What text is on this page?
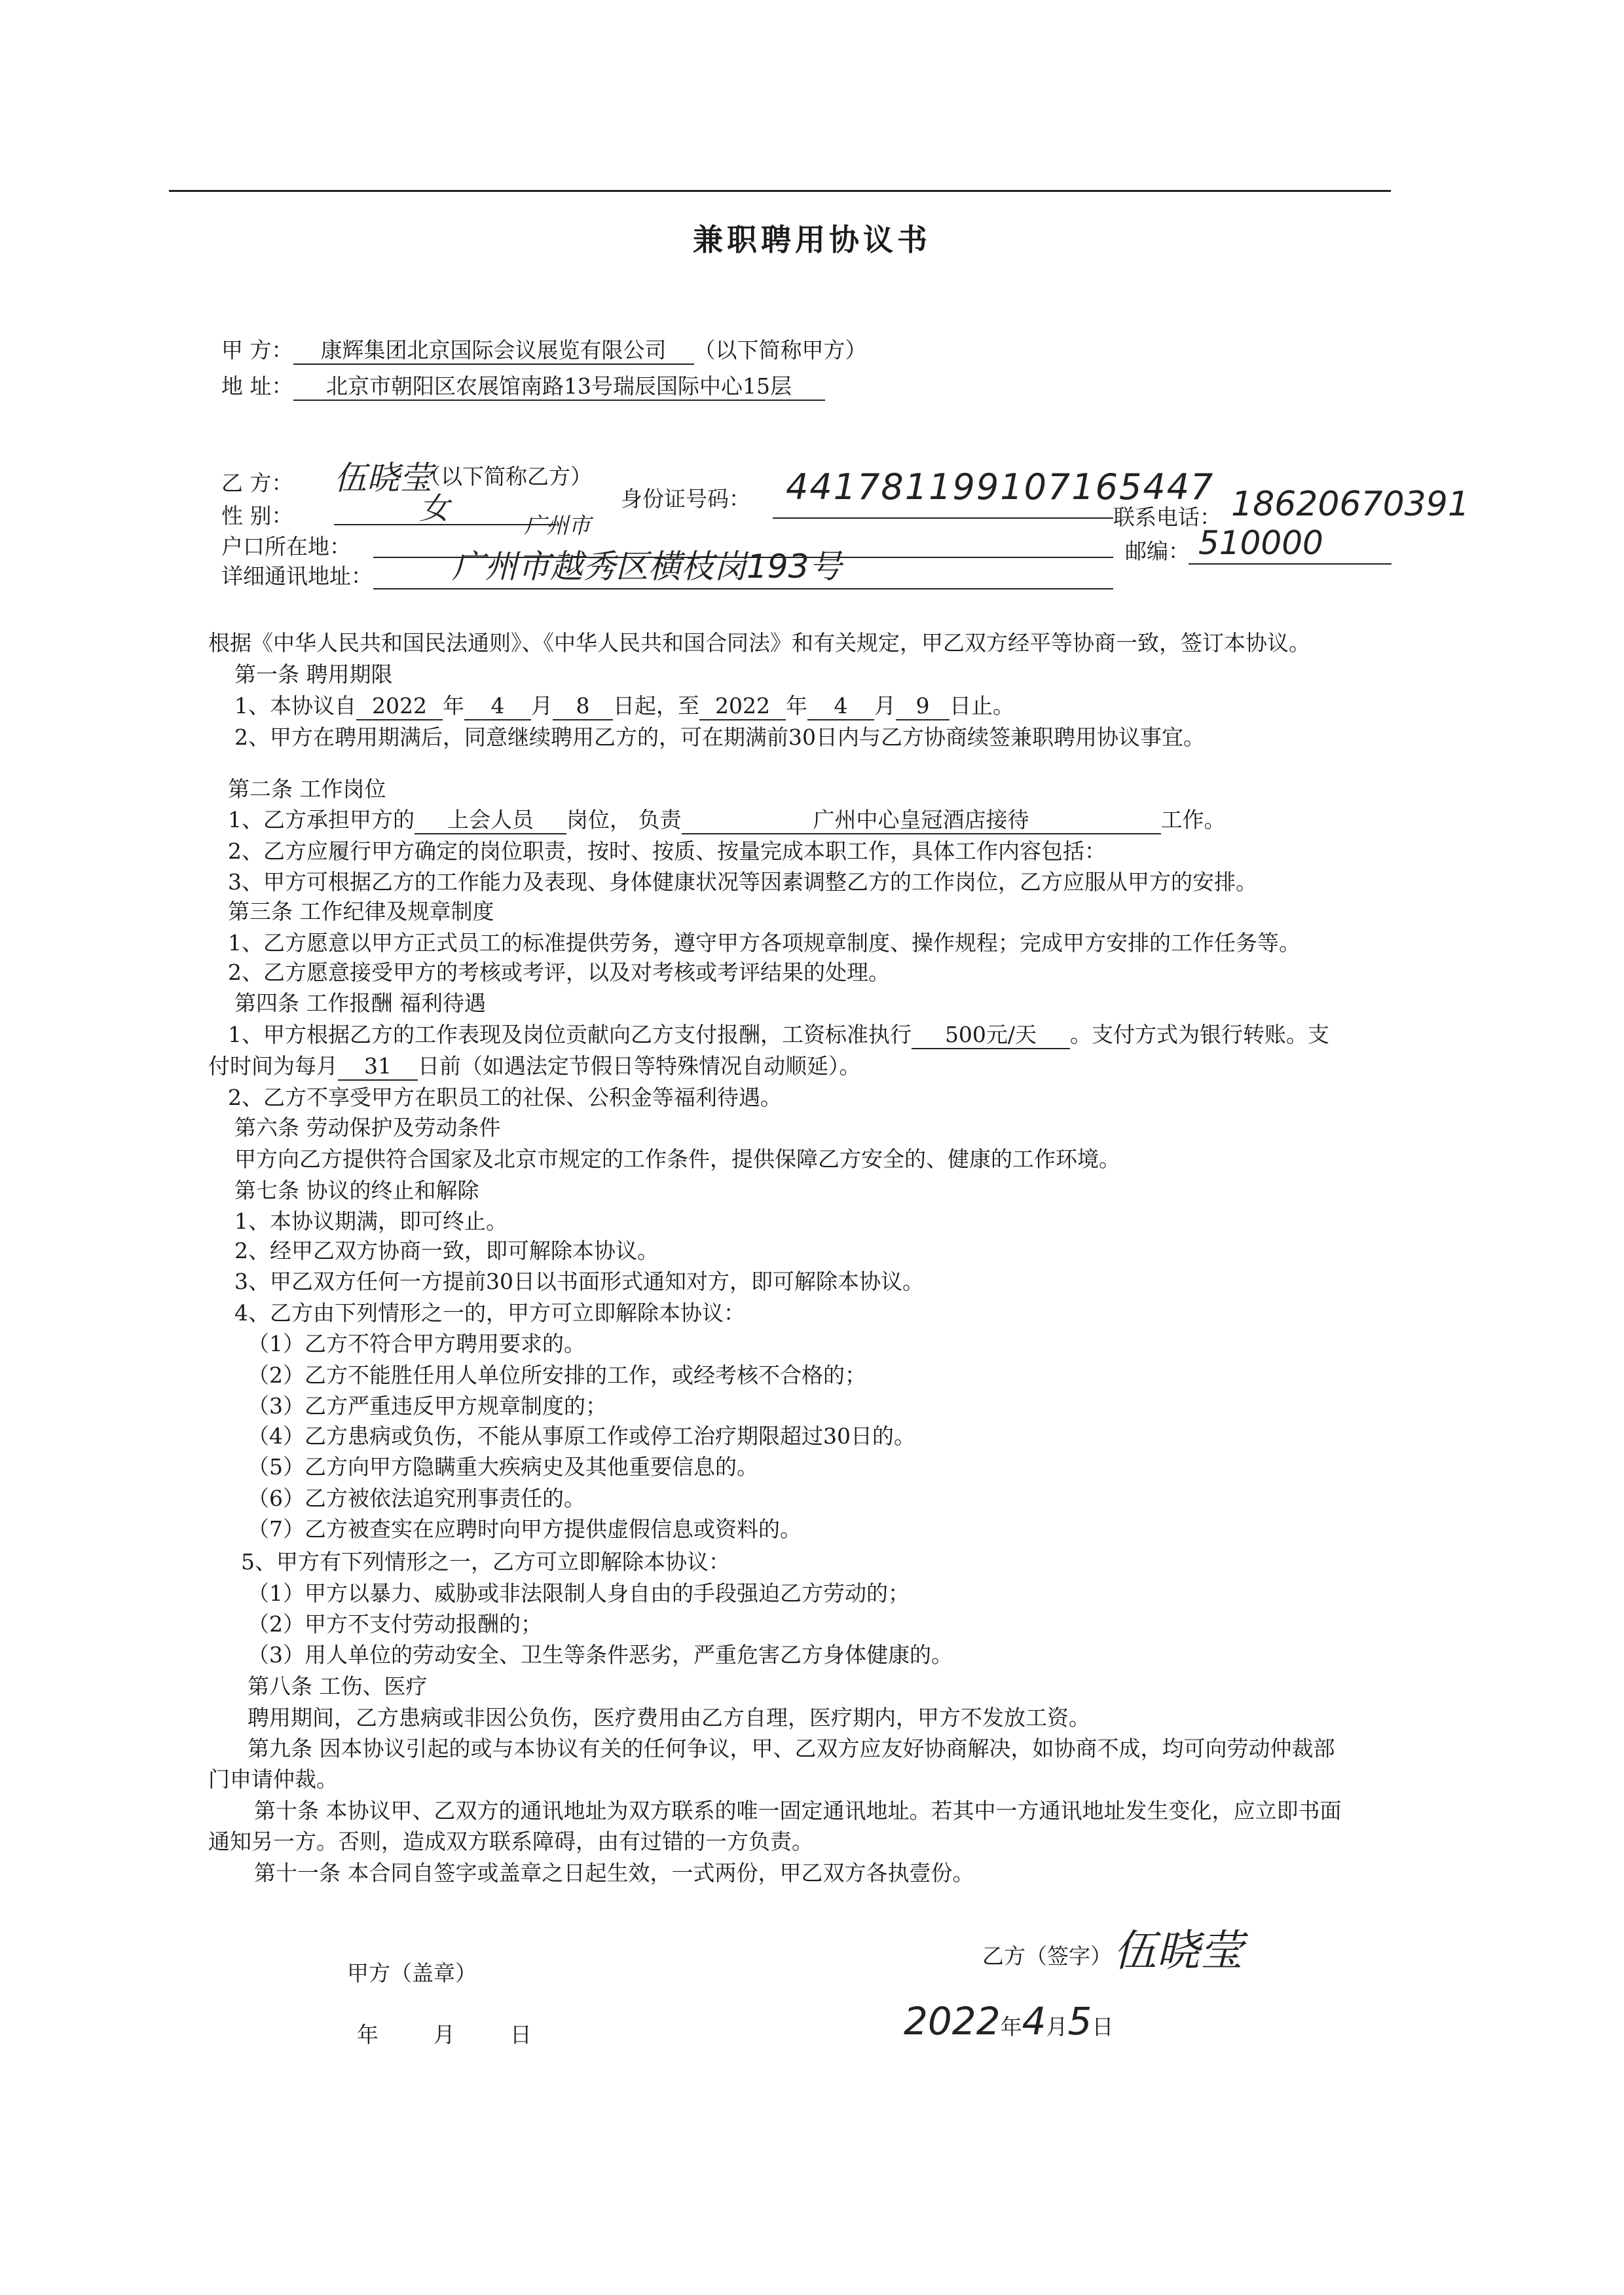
兼职聘用协议书
甲 方： 康辉集团北京国际会议展览有限公司 （以下简称甲方）
地 址： 北京市朝阳区农展馆南路13号瑞辰国际中心15层
乙 方： 伍晓莹
（以下简称乙方）
性 别：	女	身份证号码： 441781199107165447
联系电话： 18620670391
户口所在地：
广州市
邮编： 510000
详细通讯地址： 广州市越秀区横枝岗193号
根据《中华人民共和国民法通则》、《中华人民共和国合同法》和有关规定，甲乙双方经平等协商一致，签订本协议。
第一条 聘用期限
1、本协议自 2022 年 4 月 8 日起，至 2022 年 4 月 9 日止。
2、甲方在聘用期满后，同意继续聘用乙方的，可在期满前30日内与乙方协商续签兼职聘用协议事宜。
第二条 工作岗位
1、乙方承担甲方的 上会人员 岗位， 负责	广州中心皇冠酒店接待	工作。
2、乙方应履行甲方确定的岗位职责，按时、按质、按量完成本职工作，具体工作内容包括：
3、甲方可根据乙方的工作能力及表现、身体健康状况等因素调整乙方的工作岗位，乙方应服从甲方的安排。
第三条 工作纪律及规章制度
1、乙方愿意以甲方正式员工的标准提供劳务，遵守甲方各项规章制度、操作规程；完成甲方安排的工作任务等。
2、乙方愿意接受甲方的考核或考评，以及对考核或考评结果的处理。
第四条 工作报酬 福利待遇
1、甲方根据乙方的工作表现及岗位贡献向乙方支付报酬，工资标准执行 500元/天 。支付方式为银行转账。支
付时间为每月 31 日前（如遇法定节假日等特殊情况自动顺延）。
2、乙方不享受甲方在职员工的社保、公积金等福利待遇。
第六条 劳动保护及劳动条件
甲方向乙方提供符合国家及北京市规定的工作条件，提供保障乙方安全的、健康的工作环境。
第七条 协议的终止和解除
1、本协议期满，即可终止。
2、经甲乙双方协商一致，即可解除本协议。
3、甲乙双方任何一方提前30日以书面形式通知对方，即可解除本协议。
4、乙方由下列情形之一的，甲方可立即解除本协议：
（1）乙方不符合甲方聘用要求的。
（2）乙方不能胜任用人单位所安排的工作，或经考核不合格的；
（3）乙方严重违反甲方规章制度的；
（4）乙方患病或负伤，不能从事原工作或停工治疗期限超过30日的。
（5）乙方向甲方隐瞒重大疾病史及其他重要信息的。
（6）乙方被依法追究刑事责任的。
（7）乙方被查实在应聘时向甲方提供虚假信息或资料的。
5、甲方有下列情形之一，乙方可立即解除本协议：
（1）甲方以暴力、威胁或非法限制人身自由的手段强迫乙方劳动的；
（2）甲方不支付劳动报酬的；
（3）用人单位的劳动安全、卫生等条件恶劣，严重危害乙方身体健康的。
第八条 工伤、医疗
聘用期间，乙方患病或非因公负伤，医疗费用由乙方自理，医疗期内，甲方不发放工资。
第九条 因本协议引起的或与本协议有关的任何争议，甲、乙双方应友好协商解决，如协商不成，均可向劳动仲裁部
门申请仲裁。
第十条 本协议甲、乙双方的通讯地址为双方联系的唯一固定通讯地址。若其中一方通讯地址发生变化，应立即书面
通知另一方。否则，造成双方联系障碍，由有过错的一方负责。
第十一条 本合同自签字或盖章之日起生效，一式两份，甲乙双方各执壹份。
甲方（盖章）
年        月        日
乙方（签字） 伍晓莹
2022年4月5日
